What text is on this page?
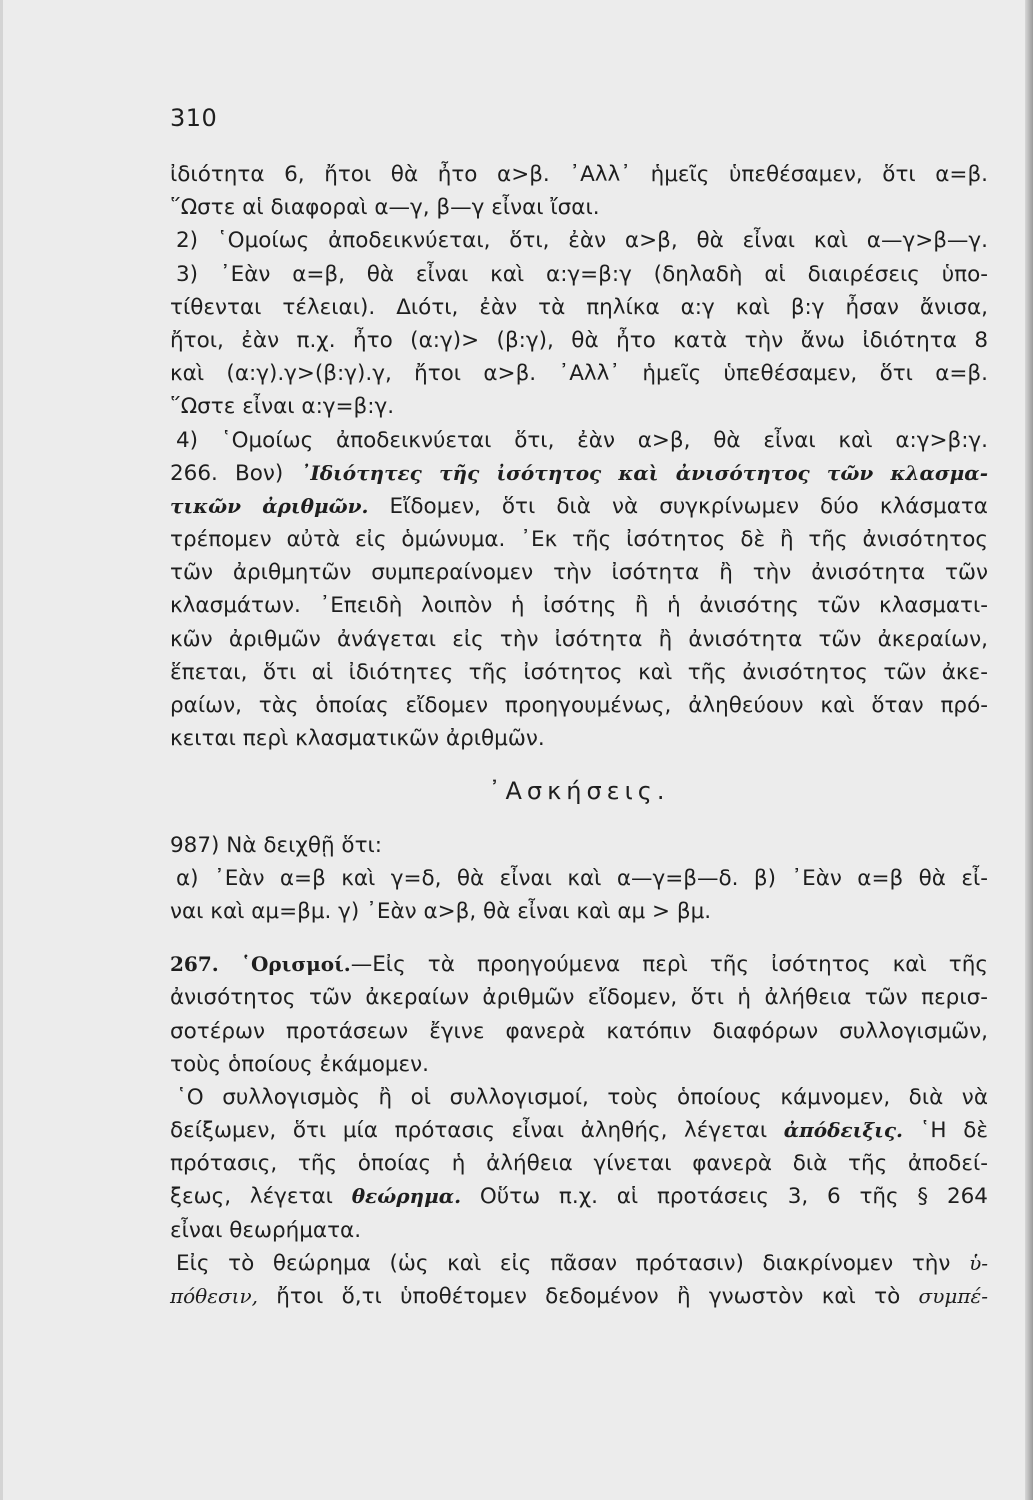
310
ἰδιότητα 6, ἤτοι θὰ ἦτο α>β. ᾿Αλλ᾿ ἡμεῖς ὑπεθέσαμεν, ὅτι α=β.
῞Ωστε αἱ διαφοραὶ α—γ, β—γ εἶναι ἴσαι.
2) ῾Ομοίως ἀποδεικνύεται, ὅτι, ἐὰν α>β, θὰ εἶναι καὶ α—γ>β—γ.
3) ᾿Εὰν α=β, θὰ εἶναι καὶ α:γ=β:γ (δηλαδὴ αἱ διαιρέσεις ὑπο-
τίθενται τέλειαι). Διότι, ἐὰν τὰ πηλίκα α:γ καὶ β:γ ἦσαν ἄνισα,
ἤτοι, ἐὰν π.χ. ἦτο (α:γ)> (β:γ), θὰ ἦτο κατὰ τὴν ἄνω ἰδιότητα 8
καὶ (α:γ).γ>(β:γ).γ, ἤτοι α>β. ᾿Αλλ᾿ ἡμεῖς ὑπεθέσαμεν, ὅτι α=β.
῞Ωστε εἶναι α:γ=β:γ.
4) ῾Ομοίως ἀποδεικνύεται ὅτι, ἐὰν α>β, θὰ εἶναι καὶ α:γ>β:γ.
266. Βον) ᾿Ιδιότητες τῆς ἰσότητος καὶ ἀνισότητος τῶν κλασμα-
τικῶν ἀριθμῶν. Εἴδομεν, ὅτι διὰ νὰ συγκρίνωμεν δύο κλάσματα
τρέπομεν αὐτὰ εἰς ὁμώνυμα. ᾿Εκ τῆς ἰσότητος δὲ ἢ τῆς ἀνισότητος
τῶν ἀριθμητῶν συμπεραίνομεν τὴν ἰσότητα ἢ τὴν ἀνισότητα τῶν
κλασμάτων. ᾿Επειδὴ λοιπὸν ἡ ἰσότης ἢ ἡ ἀνισότης τῶν κλασματι-
κῶν ἀριθμῶν ἀνάγεται εἰς τὴν ἰσότητα ἢ ἀνισότητα τῶν ἀκεραίων,
ἕπεται, ὅτι αἱ ἰδιότητες τῆς ἰσότητος καὶ τῆς ἀνισότητος τῶν ἀκε-
ραίων, τὰς ὁποίας εἴδομεν προηγουμένως, ἀληθεύουν καὶ ὅταν πρό-
κειται περὶ κλασματικῶν ἀριθμῶν.
᾿Ασκήσεις.
987) Νὰ δειχθῇ ὅτι:
α) ᾿Εὰν α=β καὶ γ=δ, θὰ εἶναι καὶ α—γ=β—δ. β) ᾿Εὰν α=β θὰ εἶ-
ναι καὶ αμ=βμ. γ) ᾿Εὰν α>β, θὰ εἶναι καὶ αμ > βμ.
267. ῾Ορισμοί.—Εἰς τὰ προηγούμενα περὶ τῆς ἰσότητος καὶ τῆς
ἀνισότητος τῶν ἀκεραίων ἀριθμῶν εἴδομεν, ὅτι ἡ ἀλήθεια τῶν περισ-
σοτέρων προτάσεων ἔγινε φανερὰ κατόπιν διαφόρων συλλογισμῶν,
τοὺς ὁποίους ἐκάμομεν.
῾Ο συλλογισμὸς ἢ οἱ συλλογισμοί, τοὺς ὁποίους κάμνομεν, διὰ νὰ
δείξωμεν, ὅτι μία πρότασις εἶναι ἀληθής, λέγεται ἀπόδειξις. ῾Η δὲ
πρότασις, τῆς ὁποίας ἡ ἀλήθεια γίνεται φανερὰ διὰ τῆς ἀποδεί-
ξεως, λέγεται θεώρημα. Οὕτω π.χ. αἱ προτάσεις 3, 6 τῆς § 264
εἶναι θεωρήματα.
Εἰς τὸ θεώρημα (ὡς καὶ εἰς πᾶσαν πρότασιν) διακρίνομεν τὴν ὑ-
πόθεσιν, ἤτοι ὅ,τι ὑποθέτομεν δεδομένον ἢ γνωστὸν καὶ τὸ συμπέ-
